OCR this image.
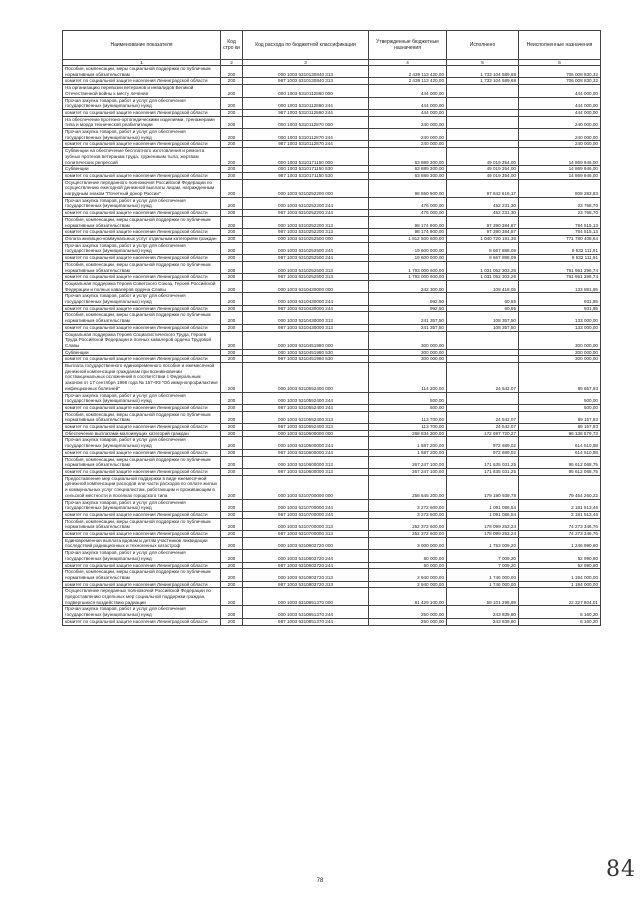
Наименование показателя	Код стро ки	Код расхода по бюджетной классификации	Утвержденные бюджетные назначения	Исполнено	Неисполненные назначения
1	2	3	4	5	6
Пособия, компенсации, меры социальной поддержки по публичным нормативным обязательствам	200	000 1003 5310130840 313	2 439 113 420,00	1 733 104 589,68	706 008 830,32
комитет по социальной защите населения Ленинградской области	200	987 1003 5310130840 313	2 439 113 420,00	1 733 104 589,68	706 008 830,32
На организацию перевозки ветеранов и инвалидов Великой Отечественной войны к месту лечения	200	000 1003 5310112860 000	444 000,00		444 000,00
Прочая закупка товаров, работ и услуг для обеспечения государственных (муниципальных) нужд	200	000 1003 5310112860 244	444 000,00		444 000,00
комитет по социальной защите населения Ленинградской области	200	987 1003 5310112860 244	444 000,00		444 000,00
На обеспечение протезно-ортопедическими изделиями, тренажерами типа и морда технической реабилитации	200	000 1003 5310112870 000	240 000,00		240 000,00
Прочая закупка товаров, работ и услуг для обеспечения государственных (муниципальных) нужд	200	000 1003 5310112870 244	240 000,00		240 000,00
комитет по социальной защите населения Ленинградской области	200	987 1003 5310112870 244	240 000,00		240 000,00
Субвенции на обеспечение бесплатного изготовления и ремонта зубных протезов ветеранам труда, труженикам тыла, жертвам политических репрессий	200	000 1003 5310171150 000	63 889 300,00	49 019 354,00	14 869 946,00
Субвенции	200	000 1003 5310171150 530	63 889 300,00	49 019 354,00	14 869 946,00
комитет по социальной защите населения Ленинградской области	200	987 1003 5310171150 530	63 889 300,00	49 019 354,00	14 869 946,00
Осуществление переданного полномочия Российской Федерации по осуществлению ежегодной денежной выплаты лицам, награжденным нагрудным знаком "Почетный донор России"	200	000 1003 5310252200 000	98 650 900,00	97 842 616,17	808 283,83
Прочая закупка товаров, работ и услуг для обеспечения государственных (муниципальных) нужд	200	000 1003 5310252200 244	476 000,00	452 231,30	23 768,70
комитет по социальной защите населения Ленинградской области	200	987 1003 5310252200 244	476 000,00	452 231,30	23 768,70
Пособия, компенсации, меры социальной поддержки по публичным нормативным обязательствам	200	000 1003 5310252200 313	98 174 900,00	97 390 384,87	784 515,13
комитет по социальной защите населения Ленинградской области	200	987 1003 5310252200 313	98 174 900,00	97 390 384,87	784 515,13
Оплата жилищно-коммунальных услуг отдельным категориям граждан	200	000 1003 5310252500 000	1 812 500 600,00	1 040 720 191,36	771 780 408,64
Прочая закупка товаров, работ и услуг для обеспечения государственных (муниципальных) нужд	200	000 1003 5310252500 244	19 600 000,00	8 667 888,09	9 532 111,91
комитет по социальной защите населения Ленинградской области	200	987 1003 5310252500 244	19 600 000,00	8 667 888,09	9 532 111,91
Пособия, компенсации, меры социальной поддержки по публичным нормативным обязательствам	200	000 1003 5310252500 313	1 793 000 600,00	1 031 052 303,26	761 951 296,74
комитет по социальной защите населения Ленинградской области	200	987 1003 5310252500 313	1 793 000 600,00	1 031 052 303,26	761 951 296,74
Социальная поддержка Героев Советского Союза, Героев Российской Федерации и полных кавалеров ордена Славы	200	000 1003 5310430000 000	242 300,00	108 418,05	133 881,95
Прочая закупка товаров, работ и услуг для обеспечения государственных (муниципальных) нужд	200	000 1003 5310430000 244	992,50	60,55	931,95
комитет по социальной защите населения Ленинградской области	200	987 1003 5310430000 244	992,50	60,55	931,95
Пособия, компенсации, меры социальной поддержки по публичным нормативным обязательствам	200	000 1003 5310430000 313	241 357,50	108 357,50	133 000,00
комитет по социальной защите населения Ленинградской области	200	987 1003 5310430000 313	241 357,50	108 357,50	133 000,00
Социальная поддержка Героев Социалистического Труда, Героев Труда Российской Федерации и полных кавалеров ордена Трудовой Славы	200	000 1003 5310451980 000	300 000,00		300 000,00
Субвенции	200	000 1003 5310451980 530	300 000,00		300 000,00
комитет по социальной защите населения Ленинградской области	200	987 1003 5310451980 530	300 000,00		300 000,00
Выплата государственного единовременного пособия и ежемесячной денежной компенсации гражданам при возникновении поствакцинальных осложнений в соответствии с Федеральным законом от 17 сентября 1998 года № 157-ФЗ "Об иммунопрофилактике инфекционных болезней"	200	000 1003 5310552400 000	114 200,00	24 542,07	89 657,93
Прочая закупка товаров, работ и услуг для обеспечения государственных (муниципальных) нужд	200	000 1003 5310552400 244	500,00		500,00
комитет по социальной защите населения Ленинградской области	200	987 1003 5310552400 244	500,00		500,00
Пособия, компенсации, меры социальной поддержки по публичным нормативным обязательствам	200	000 1003 5310552400 313	113 700,00	24 542,07	89 157,93
комитет по социальной защите населения Ленинградской области	200	987 1003 5310552400 313	113 700,00	24 542,07	89 157,93
Обеспечение выплатами малоимущих категорий граждан	200	000 1003 5310600000 000	268 834 300,00	172 697 720,27	96 136 579,73
Прочая закупка товаров, работ и услуг для обеспечения государственных (муниципальных) нужд	200	000 1003 5310600000 244	1 587 200,00	972 689,02	614 510,98
комитет по социальной защите населения Ленинградской области	200	987 1003 5310600000 244	1 587 200,00	972 689,02	614 510,98
Пособия, компенсации, меры социальной поддержки по публичным нормативным обязательствам	200	000 1003 5310600000 313	267 247 100,00	171 635 031,25	95 612 068,75
комитет по социальной защите населения Ленинградской области	200	987 1003 5310600000 313	267 247 100,00	171 635 031,25	95 612 068,75
Предоставление мер социальной поддержки в виде ежемесячной денежной компенсации расходов или части расходов по оплате жилых и коммунальных услуг специалистам, работающим и проживающим в сельской местности и поселках городского типа	200	000 1003 5310700000 000	258 645 200,00	179 190 939,78	79 454 260,22
Прочая закупка товаров, работ и услуг для обеспечения государственных (муниципальных) нужд	200	000 1003 5310700000 244	3 272 600,00	1 091 086,54	2 181 513,46
комитет по социальной защите населения Ленинградской области	200	987 1003 5310700000 244	3 272 600,00	1 091 086,54	2 181 513,46
Пособия, компенсации, меры социальной поддержки по публичным нормативным обязательствам	200	000 1003 5310700000 313	252 372 600,00	178 099 253,24	74 273 346,76
комитет по социальной защите населения Ленинградской области	200	987 1003 5310700000 313	252 372 600,00	178 099 253,24	74 273 346,76
Единовременная выплата вдовам и детям участников ликвидации последствий радиационных и техногенных катастроф	200	000 1003 5310803720 000	3 000 000,00	1 753 009,20	1 246 990,80
Прочая закупка товаров, работ и услуг для обеспечения государственных (муниципальных) нужд	200	000 1003 5310803720 244	60 000,00	7 009,20	52 990,80
комитет по социальной защите населения Ленинградской области	200	987 1003 5310803720 244	60 000,00	7 009,20	52 990,80
Пособия, компенсации, меры социальной поддержки по публичным нормативным обязательствам	200	000 1003 5310803720 313	2 940 000,00	1 746 000,00	1 194 000,00
комитет по социальной защите населения Ленинградской области	200	987 1003 5310803720 313	2 940 000,00	1 746 000,00	1 194 000,00
Осуществление переданных полномочий Российской Федерации по предоставлению отдельных мер социальной поддержки граждан, подвергшихся воздействию радиации	200	000 1003 5310851370 000	81 429 100,00	59 101 295,99	22 327 804,01
Прочая закупка товаров, работ и услуг для обеспечения государственных (муниципальных) нужд	200	000 1003 5310851370 244	250 000,00	243 839,80	6 160,20
комитет по социальной защите населения Ленинградской области	200	987 1003 5310851370 244	250 000,00	243 839,80	6 160,20
78	84
